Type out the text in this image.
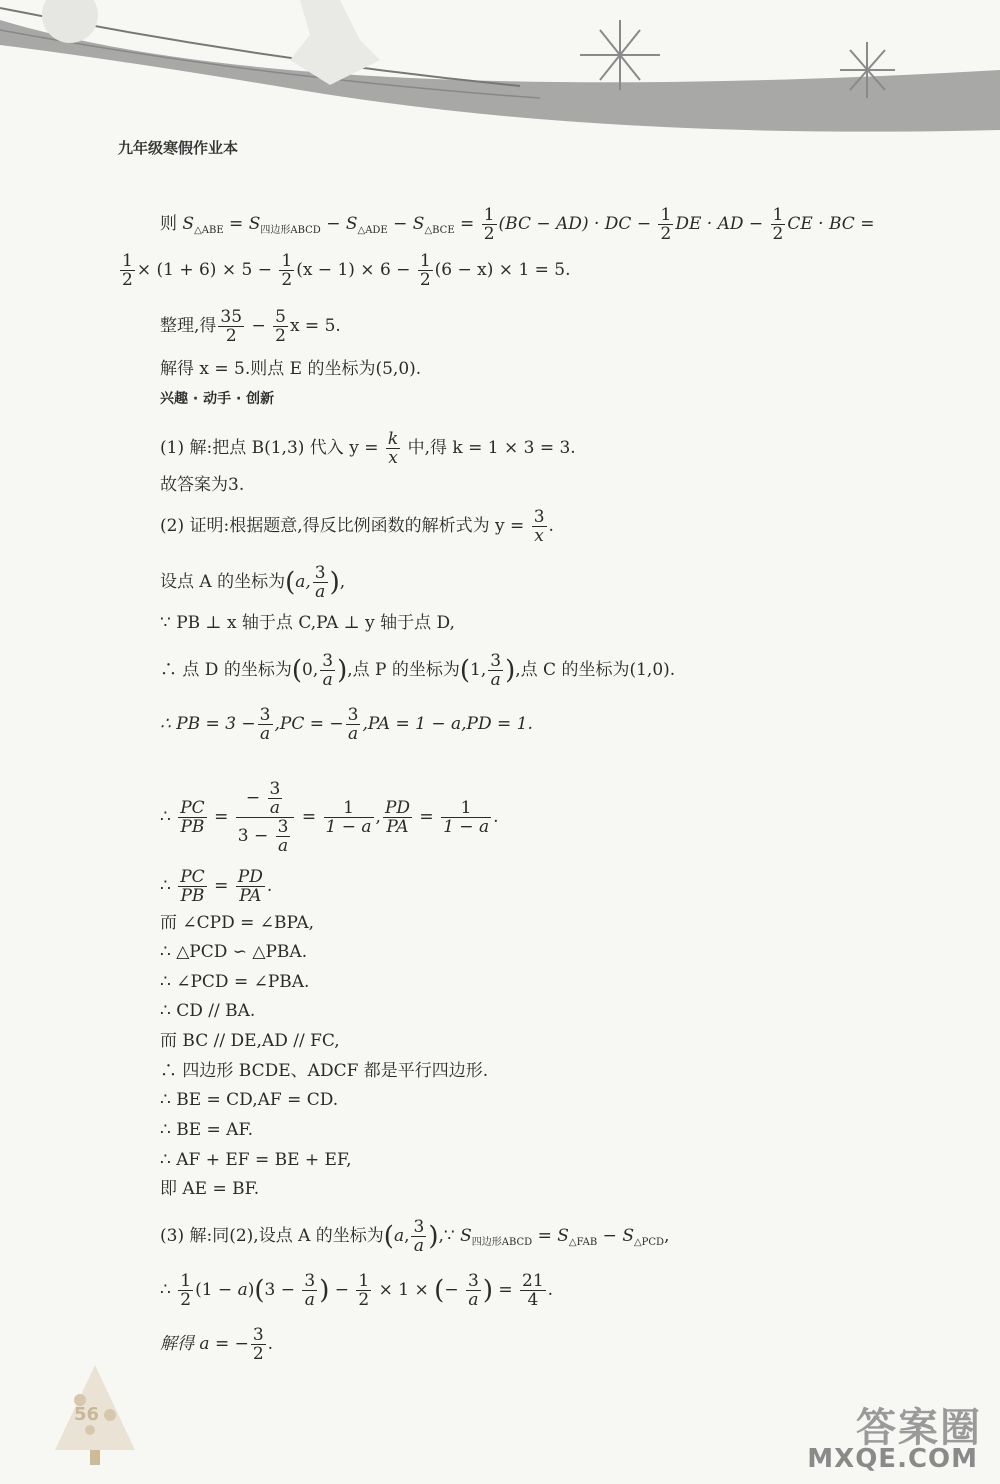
九年级寒假作业本
则 $S_{\triangle ABE} = S_{四边形ABCD} - S_{\triangle ADE} - S_{\triangle BCE} = \frac{1}{2} (BC - AD)$ · DC − $\frac{1}{2}$ DE · AD − $\frac{1}{2}$ CE · BC =
$\frac{1}{2} \times (1 + 6) \times 5 - \frac{1}{2} (x - 1) \times 6 - \frac{1}{2} (6 - x) \times 1 = 5$.
整理,得 $\frac{35}{2} - \frac{5}{2}$ x = 5.
解得 x = 5.则点 E 的坐标为(5,0).
兴趣 · 动手 · 创新
(1) 解:把点 B(1,3) 代入 $y = \frac{k}{x}$ 中,得 k = 1 × 3 = 3.
故答案为3.
(2) 证明:根据题意,得反比例函数的解析式为 $y = \frac{3}{x}$ .
设点 A 的坐标为(a, $\frac{3}{a}$ ),
∵ PB ⊥ x 轴于点 C,PA ⊥ y 轴于点 D,
∴ 点 D 的坐标为(0, $\frac{3}{a}$ ),点 P 的坐标为(1, $\frac{3}{a}$ ),点 C 的坐标为(1,0).
∴ PB = $3 - \frac{3}{a} ,PC$ = − $\frac{3}{a} ,PA = 1 - a,PD = 1$.
∴ $\frac{PC}{PB} = \frac{- \frac{3}{a}}{3 - \frac{3}{a}} = \frac{1}{1 - a}$ , $\frac{PD}{PA} = \frac{1}{1 - a}$ .
∴ $\frac{PC}{PB} = \frac{PD}{PA}$ .
而 ∠CPD = ∠BPA,
∴ △PCD ∽ △PBA.
∴ ∠PCD = ∠PBA.
∴ CD // BA.
而 BC // DE,AD // FC,
∴ 四边形 BCDE、ADCF 都是平行四边形.
∴ BE = CD,AF = CD.
∴ BE = AF.
∴ AF + EF = BE + EF,
即 AE = BF.
(3) 解:同(2),设点 A 的坐标为(a, $\frac{3}{a}$ ),∵ $S_{四边形ABCD} = S_{\triangle FAB} - S_{\triangle PCD}$,
∴ $\frac{1}{2} (1 - a)(3 - \frac{3}{a}$ ) − $\frac{1}{2} \times 1$ × (− $\frac{3}{a}$ ) = $\frac{21}{4}$ .
解得 a = − $\frac{3}{2}$ .
56	答案圈
MXQE.COM
